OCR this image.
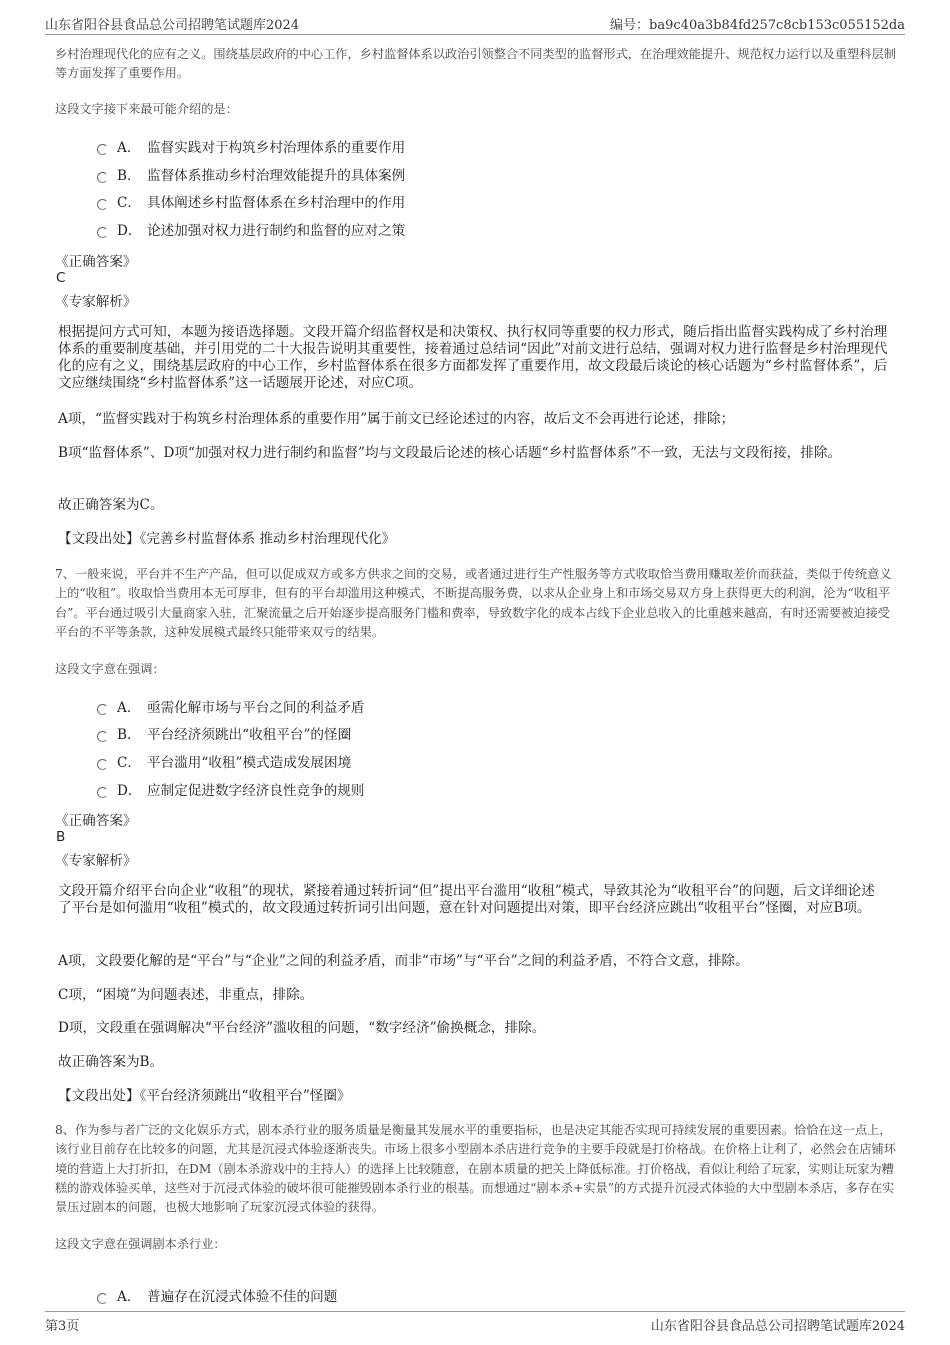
山东省阳谷县食品总公司招聘笔试题库2024	编号：ba9c40a3b84fd257c8cb153c055152da
乡村治理现代化的应有之义。围绕基层政府的中心工作，乡村监督体系以政治引领整合不同类型的监督形式，在治理效能提升、规范权力运行以及重塑科层制等方面发挥了重要作用。
这段文字接下来最可能介绍的是：
A． 监督实践对于构筑乡村治理体系的重要作用
B． 监督体系推动乡村治理效能提升的具体案例
C． 具体阐述乡村监督体系在乡村治理中的作用
D． 论述加强对权力进行制约和监督的应对之策
《正确答案》
C
《专家解析》
根据提问方式可知，本题为接语选择题。文段开篇介绍监督权是和决策权、执行权同等重要的权力形式，随后指出监督实践构成了乡村治理体系的重要制度基础，并引用党的二十大报告说明其重要性，接着通过总结词“因此”对前文进行总结，强调对权力进行监督是乡村治理现代化的应有之义，围绕基层政府的中心工作，乡村监督体系在很多方面都发挥了重要作用，故文段最后谈论的核心话题为“乡村监督体系”，后文应继续围绕“乡村监督体系”这一话题展开论述，对应C项。
A项，“监督实践对于构筑乡村治理体系的重要作用”属于前文已经论述过的内容，故后文不会再进行论述，排除；
B项“监督体系”、D项“加强对权力进行制约和监督”均与文段最后论述的核心话题“乡村监督体系”不一致，无法与文段衔接，排除。
故正确答案为C。
【文段出处】《完善乡村监督体系 推动乡村治理现代化》
7、一般来说，平台并不生产产品，但可以促成双方或多方供求之间的交易，或者通过进行生产性服务等方式收取恰当费用赚取差价而获益，类似于传统意义上的“收租”。收取恰当费用本无可厚非，但有的平台却滥用这种模式，不断提高服务费，以求从企业身上和市场交易双方身上获得更大的利润，沦为“收租平台”。平台通过吸引大量商家入驻，汇聚流量之后开始逐步提高服务门槛和费率，导致数字化的成本占线下企业总收入的比重越来越高，有时还需要被迫接受平台的不平等条款，这种发展模式最终只能带来双亏的结果。
这段文字意在强调：
A． 亟需化解市场与平台之间的利益矛盾
B． 平台经济须跳出“收租平台”的怪圈
C． 平台滥用“收租”模式造成发展困境
D． 应制定促进数字经济良性竞争的规则
《正确答案》
B
《专家解析》
文段开篇介绍平台向企业“收租”的现状，紧接着通过转折词“但”提出平台滥用“收租”模式，导致其沦为“收租平台”的问题，后文详细论述了平台是如何滥用“收租”模式的，故文段通过转折词引出问题，意在针对问题提出对策，即平台经济应跳出“收租平台”怪圈，对应B项。
A项，文段要化解的是“平台”与“企业”之间的利益矛盾，而非“市场”与“平台”之间的利益矛盾，不符合文意，排除。
C项，“困境”为问题表述，非重点，排除。
D项，文段重在强调解决“平台经济”滥收租的问题，“数字经济”偷换概念，排除。
故正确答案为B。
【文段出处】《平台经济须跳出“收租平台”怪圈》
8、作为参与者广泛的文化娱乐方式，剧本杀行业的服务质量是衡量其发展水平的重要指标，也是决定其能否实现可持续发展的重要因素。恰恰在这一点上，该行业目前存在比较多的问题，尤其是沉浸式体验逐渐丧失。市场上很多小型剧本杀店进行竞争的主要手段就是打价格战。在价格上让利了，必然会在店铺环境的营造上大打折扣，在DM（剧本杀游戏中的主持人）的选择上比较随意，在剧本质量的把关上降低标准。打价格战，看似让利给了玩家，实则让玩家为糟糕的游戏体验买单，这些对于沉浸式体验的破坏很可能摧毁剧本杀行业的根基。而想通过“剧本杀+实景”的方式提升沉浸式体验的大中型剧本杀店，多存在实景压过剧本的问题，也极大地影响了玩家沉浸式体验的获得。
这段文字意在强调剧本杀行业：
A． 普遍存在沉浸式体验不佳的问题
第3页	山东省阳谷县食品总公司招聘笔试题库2024
